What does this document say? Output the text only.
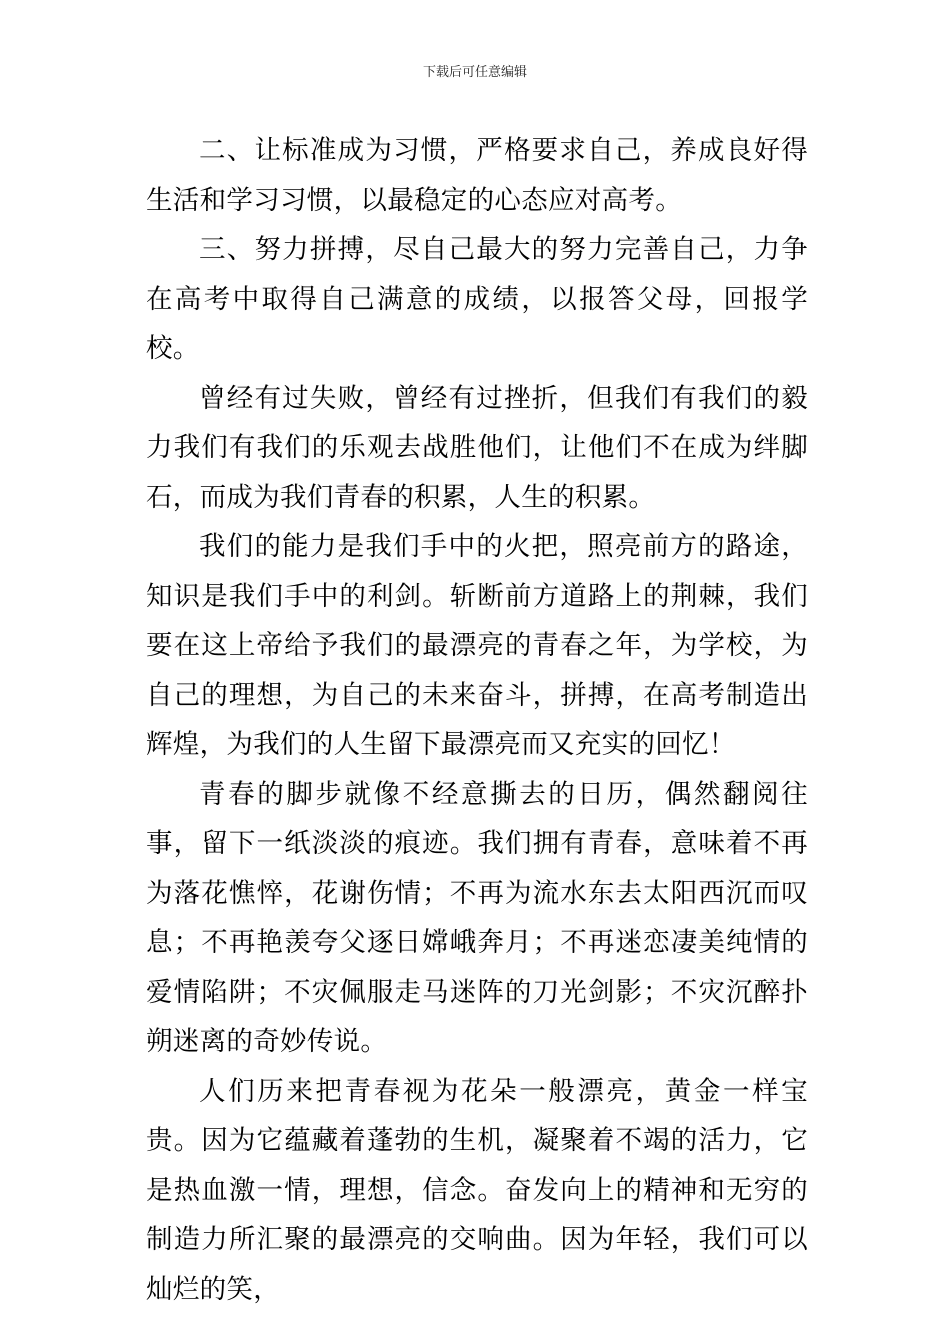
下载后可任意编辑

二、让标准成为习惯，严格要求自己，养成良好得生活和学习习惯，以最稳定的心态应对高考。

三、努力拼搏，尽自己最大的努力完善自己，力争在高考中取得自己满意的成绩，以报答父母，回报学校。

曾经有过失败，曾经有过挫折，但我们有我们的毅力我们有我们的乐观去战胜他们，让他们不在成为绊脚石，而成为我们青春的积累，人生的积累。

我们的能力是我们手中的火把，照亮前方的路途，知识是我们手中的利剑。斩断前方道路上的荆棘，我们要在这上帝给予我们的最漂亮的青春之年，为学校，为自己的理想，为自己的未来奋斗，拼搏，在高考制造出辉煌，为我们的人生留下最漂亮而又充实的回忆！

青春的脚步就像不经意撕去的日历，偶然翻阅往事，留下一纸淡淡的痕迹。我们拥有青春，意味着不再为落花憔悴，花谢伤情；不再为流水东去太阳西沉而叹息；不再艳羡夸父逐日嫦峨奔月；不再迷恋凄美纯情的爱情陷阱；不灾佩服走马迷阵的刀光剑影；不灾沉醉扑朔迷离的奇妙传说。

人们历来把青春视为花朵一般漂亮，黄金一样宝贵。因为它蕴藏着蓬勃的生机，凝聚着不竭的活力，它是热血激一情，理想，信念。奋发向上的精神和无穷的制造力所汇聚的最漂亮的交响曲。因为年轻，我们可以灿烂的笑，
